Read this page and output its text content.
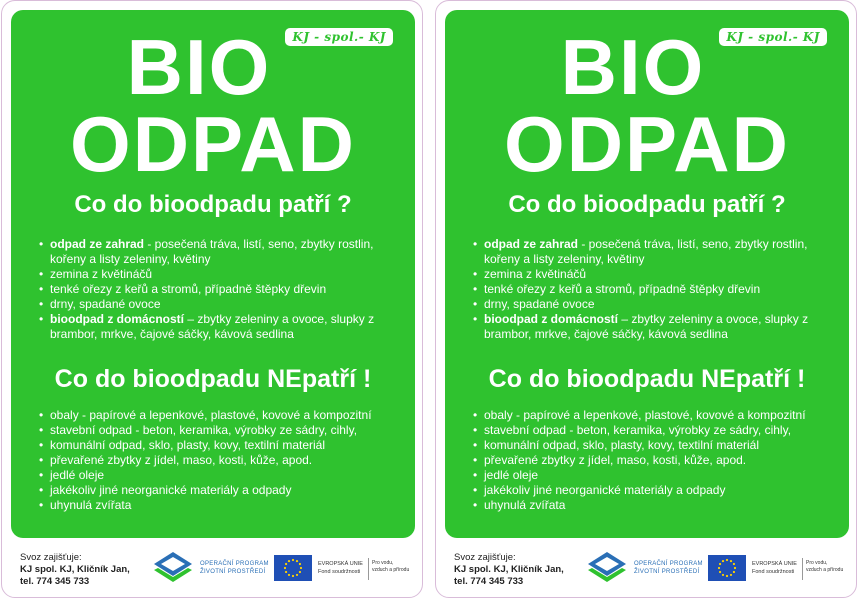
KJ - spol.- KJ
BIO
ODPAD
Co do bioodpadu patří ?
• odpad ze zahrad - posečená tráva, listí, seno, zbytky rostlin, kořeny a listy zeleniny, květiny
• zemina z květináčů
• tenké ořezy z keřů a stromů, případně štěpky dřevin
• drny, spadané ovoce
• bioodpad z domácností – zbytky zeleniny a ovoce, slupky z brambor, mrkve, čajové sáčky, kávová sedlina
Co do bioodpadu NEpatří !
• obaly - papírové a lepenkové, plastové, kovové a kompozitní
• stavební odpad - beton, keramika, výrobky ze sádry, cihly,
• komunální odpad, sklo, plasty, kovy, textilní materiál
• převařené zbytky z jídel, maso, kosti, kůže, apod.
• jedlé oleje
• jakékoliv jiné neorganické materiály a odpady
• uhynulá zvířata
Svoz zajišťuje:
KJ spol. KJ, Kličník Jan,
tel. 774 345 733
OPERAČNÍ PROGRAM
ŽIVOTNÍ PROSTŘEDÍ
EVROPSKÁ UNIE
Fond soudržnosti
Pro vodu,
vzduch a přírodu
KJ - spol.- KJ
BIO
ODPAD
Co do bioodpadu patří ?
• odpad ze zahrad - posečená tráva, listí, seno, zbytky rostlin, kořeny a listy zeleniny, květiny
• zemina z květináčů
• tenké ořezy z keřů a stromů, případně štěpky dřevin
• drny, spadané ovoce
• bioodpad z domácností – zbytky zeleniny a ovoce, slupky z brambor, mrkve, čajové sáčky, kávová sedlina
Co do bioodpadu NEpatří !
• obaly - papírové a lepenkové, plastové, kovové a kompozitní
• stavební odpad - beton, keramika, výrobky ze sádry, cihly,
• komunální odpad, sklo, plasty, kovy, textilní materiál
• převařené zbytky z jídel, maso, kosti, kůže, apod.
• jedlé oleje
• jakékoliv jiné neorganické materiály a odpady
• uhynulá zvířata
Svoz zajišťuje:
KJ spol. KJ, Kličník Jan,
tel. 774 345 733
OPERAČNÍ PROGRAM
ŽIVOTNÍ PROSTŘEDÍ
EVROPSKÁ UNIE
Fond soudržnosti
Pro vodu,
vzduch a přírodu
